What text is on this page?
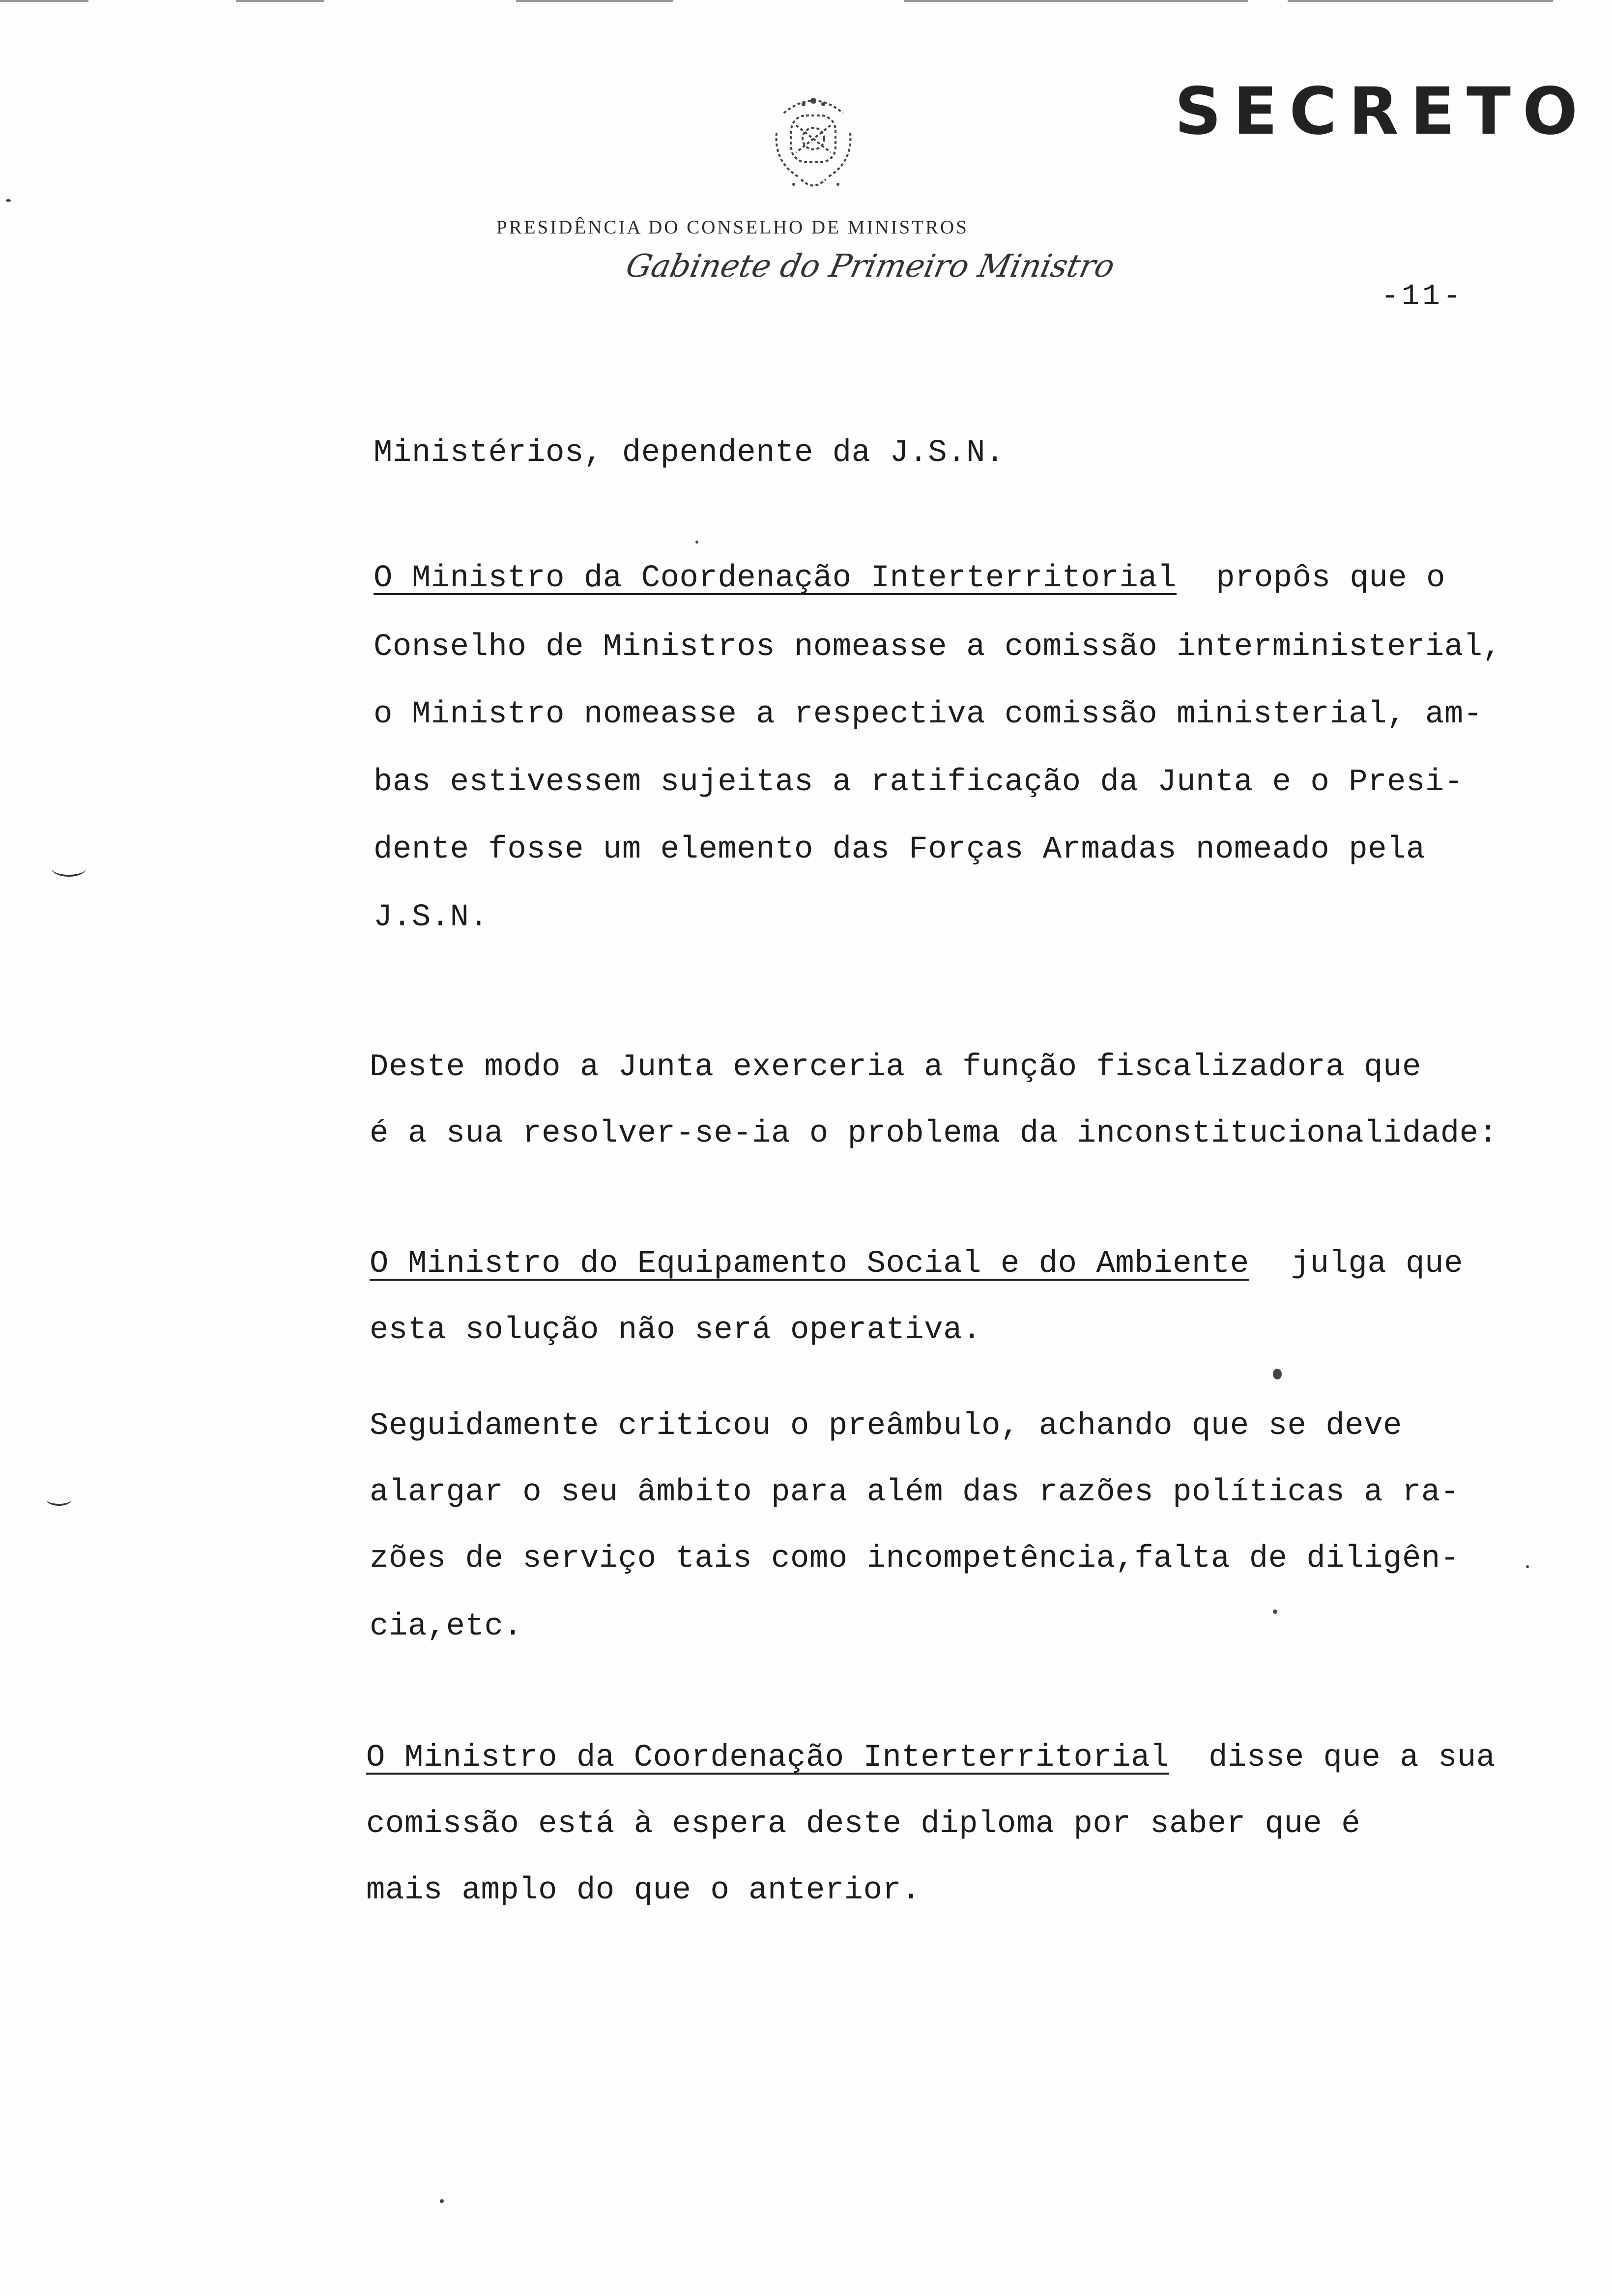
SECRETO
PRESIDÊNCIA DO CONSELHO DE MINISTROS
Gabinete do Primeiro Ministro
-11-
Ministérios, dependente da J.S.N.
O Ministro da Coordenação Interterritorial propôs que o
Conselho de Ministros nomeasse a comissão interministerial,
o Ministro nomeasse a respectiva comissão ministerial, am-
bas estivessem sujeitas a ratificação da Junta e o Presi-
dente fosse um elemento das Forças Armadas nomeado pela
J.S.N.
Deste modo a Junta exerceria a função fiscalizadora que
é a sua resolver-se-ia o problema da inconstitucionalidade:
O Ministro do Equipamento Social e do Ambiente julga que
esta solução não será operativa.
Seguidamente criticou o preâmbulo, achando que se deve
alargar o seu âmbito para além das razões políticas a ra-
zões de serviço tais como incompetência,falta de diligên-
cia,etc.
O Ministro da Coordenação Interterritorial disse que a sua
comissão está à espera deste diploma por saber que é
mais amplo do que o anterior.
